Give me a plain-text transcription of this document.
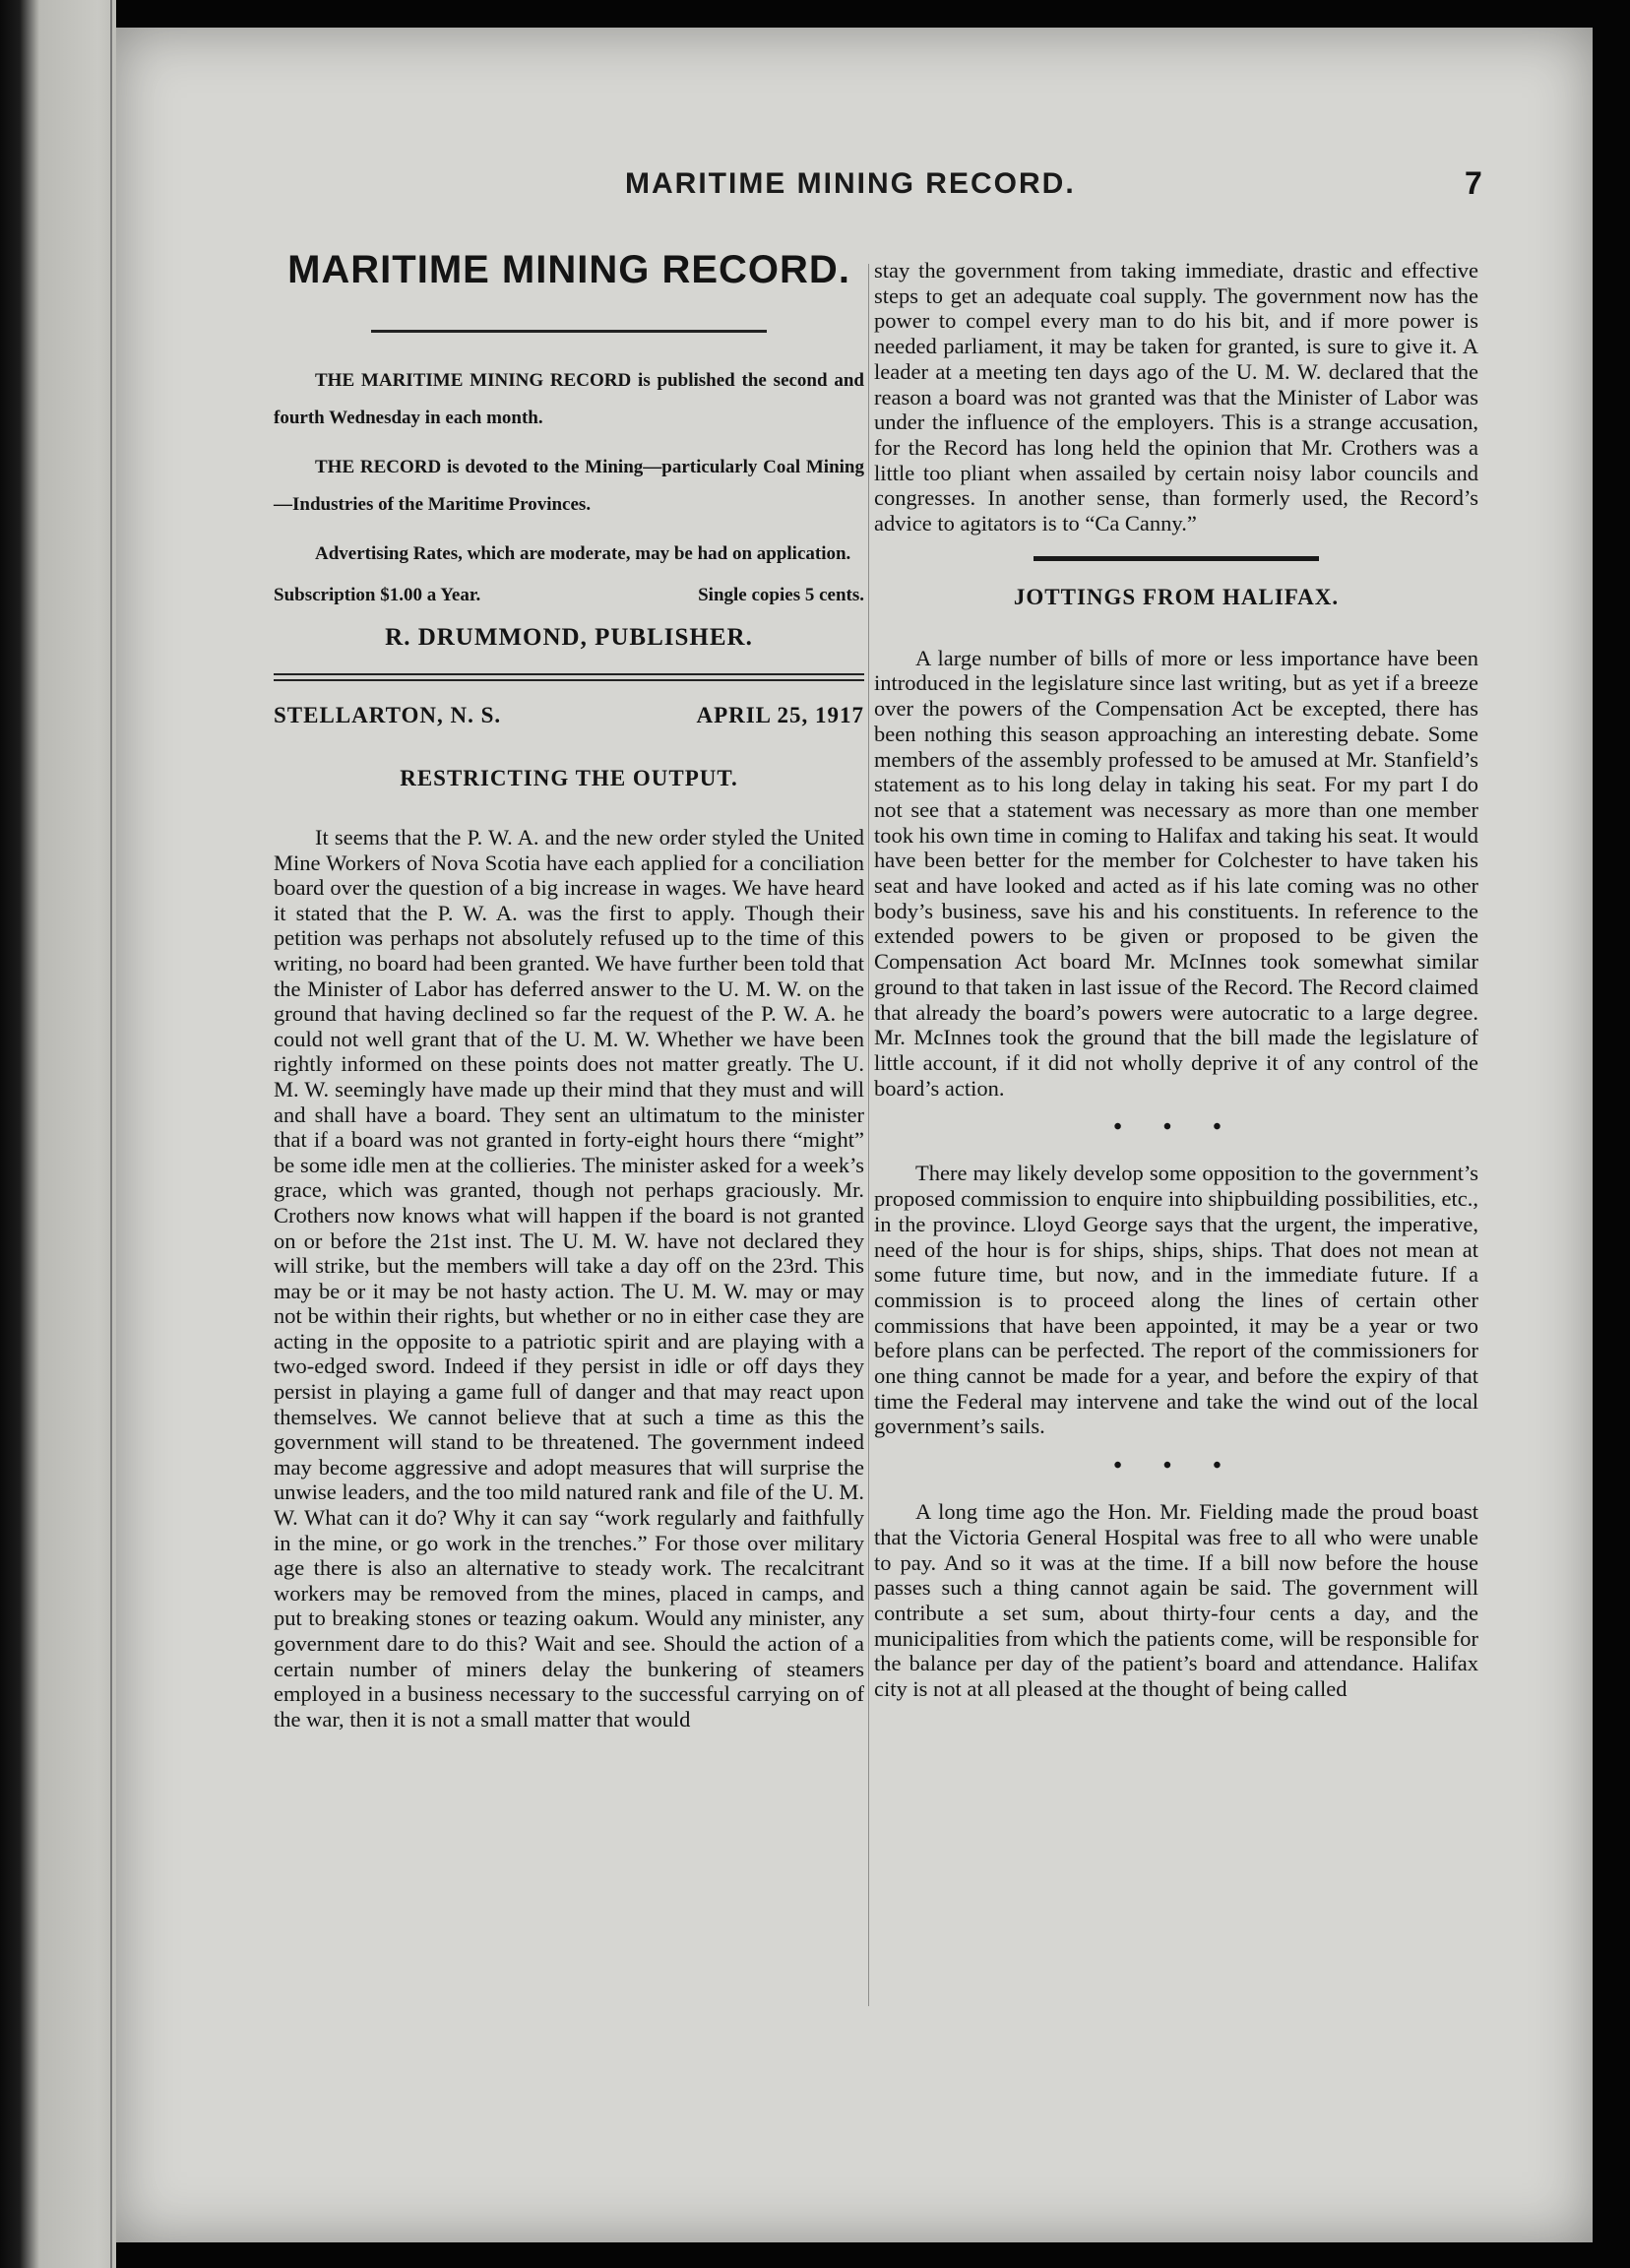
MARITIME MINING RECORD.	7
MARITIME MINING RECORD.

THE MARITIME MINING RECORD is published the second and fourth Wednesday in each month.

THE RECORD is devoted to the Mining—particularly Coal Mining—Industries of the Maritime Provinces.

Advertising Rates, which are moderate, may be had on application.

Subscription $1.00 a Year.	Single copies 5 cents.
R. DRUMMOND, PUBLISHER.
STELLARTON, N. S.	APRIL 25, 1917
RESTRICTING THE OUTPUT.

It seems that the P. W. A. and the new order styled the United Mine Workers of Nova Scotia have each applied for a conciliation board over the question of a big increase in wages. We have heard it stated that the P. W. A. was the first to apply. Though their petition was perhaps not absolutely refused up to the time of this writing, no board had been granted. We have further been told that the Minister of Labor has deferred answer to the U. M. W. on the ground that having declined so far the request of the P. W. A. he could not well grant that of the U. M. W. Whether we have been rightly informed on these points does not matter greatly. The U. M. W. seemingly have made up their mind that they must and will and shall have a board. They sent an ultimatum to the minister that if a board was not granted in forty-eight hours there “might” be some idle men at the collieries. The minister asked for a week’s grace, which was granted, though not perhaps graciously. Mr. Crothers now knows what will happen if the board is not granted on or before the 21st inst. The U. M. W. have not declared they will strike, but the members will take a day off on the 23rd. This may be or it may be not hasty action. The U. M. W. may or may not be within their rights, but whether or no in either case they are acting in the opposite to a patriotic spirit and are playing with a two-edged sword. Indeed if they persist in idle or off days they persist in playing a game full of danger and that may react upon themselves. We cannot believe that at such a time as this the government will stand to be threatened. The government indeed may become aggressive and adopt measures that will surprise the unwise leaders, and the too mild natured rank and file of the U. M. W. What can it do? Why it can say “work regularly and faithfully in the mine, or go work in the trenches.” For those over military age there is also an alternative to steady work. The recalcitrant workers may be removed from the mines, placed in camps, and put to breaking stones or teazing oakum. Would any minister, any government dare to do this? Wait and see. Should the action of a certain number of miners delay the bunkering of steamers employed in a business necessary to the successful carrying on of the war, then it is not a small matter that would

stay the government from taking immediate, drastic and effective steps to get an adequate coal supply. The government now has the power to compel every man to do his bit, and if more power is needed parliament, it may be taken for granted, is sure to give it. A leader at a meeting ten days ago of the U. M. W. declared that the reason a board was not granted was that the Minister of Labor was under the influence of the employers. This is a strange accusation, for the Record has long held the opinion that Mr. Crothers was a little too pliant when assailed by certain noisy labor councils and congresses. In another sense, than formerly used, the Record’s advice to agitators is to “Ca Canny.”

JOTTINGS FROM HALIFAX.

A large number of bills of more or less importance have been introduced in the legislature since last writing, but as yet if a breeze over the powers of the Compensation Act be excepted, there has been nothing this season approaching an interesting debate. Some members of the assembly professed to be amused at Mr. Stanfield’s statement as to his long delay in taking his seat. For my part I do not see that a statement was necessary as more than one member took his own time in coming to Halifax and taking his seat. It would have been better for the member for Colchester to have taken his seat and have looked and acted as if his late coming was no other body’s business, save his and his constituents. In reference to the extended powers to be given or proposed to be given the Compensation Act board Mr. McInnes took somewhat similar ground to that taken in last issue of the Record. The Record claimed that already the board’s powers were autocratic to a large degree. Mr. McInnes took the ground that the bill made the legislature of little account, if it did not wholly deprive it of any control of the board’s action.

• • •

There may likely develop some opposition to the government’s proposed commission to enquire into shipbuilding possibilities, etc., in the province. Lloyd George says that the urgent, the imperative, need of the hour is for ships, ships, ships. That does not mean at some future time, but now, and in the immediate future. If a commission is to proceed along the lines of certain other commissions that have been appointed, it may be a year or two before plans can be perfected. The report of the commissioners for one thing cannot be made for a year, and before the expiry of that time the Federal may intervene and take the wind out of the local government’s sails.

• • •

A long time ago the Hon. Mr. Fielding made the proud boast that the Victoria General Hospital was free to all who were unable to pay. And so it was at the time. If a bill now before the house passes such a thing cannot again be said. The government will contribute a set sum, about thirty-four cents a day, and the municipalities from which the patients come, will be responsible for the balance per day of the patient’s board and attendance. Halifax city is not at all pleased at the thought of being called
